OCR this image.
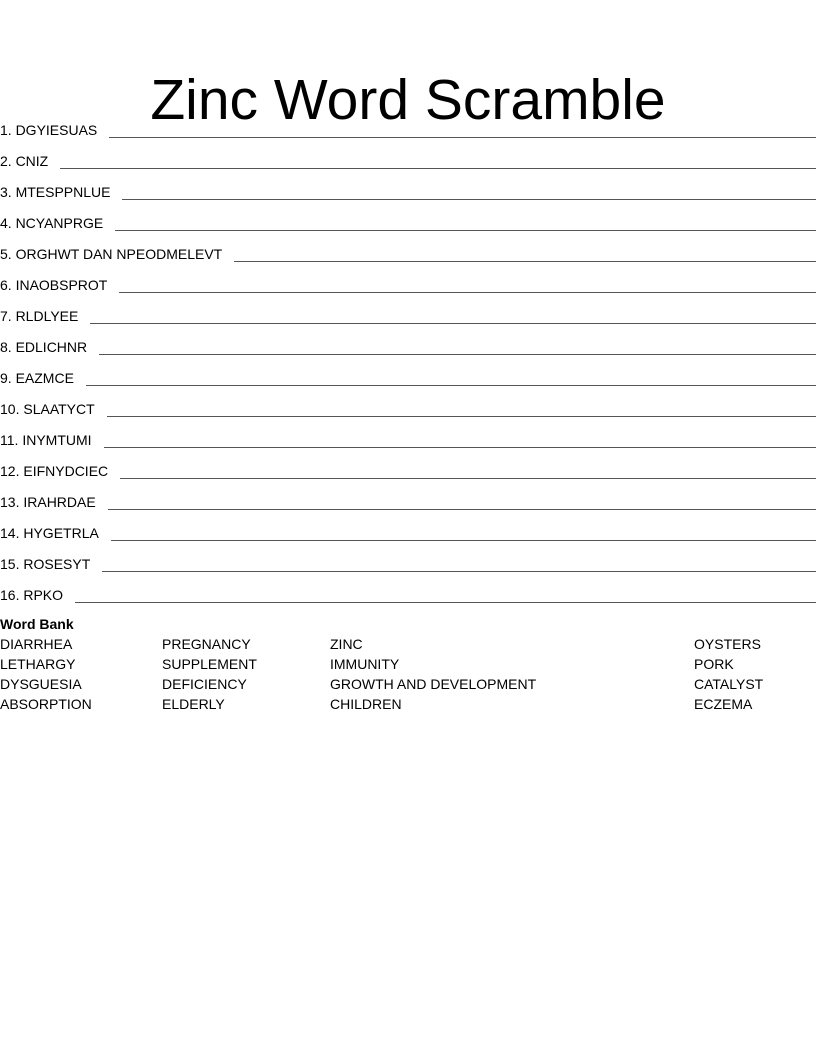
Zinc Word Scramble
1. DGYIESUAS
2. CNIZ
3. MTESPPNLUE
4. NCYANPRGE
5. ORGHWT DAN NPEODMELEVT
6. INAOBSPROT
7. RLDLYEE
8. EDLICHNR
9. EAZMCE
10. SLAATYCT
11. INYMTUMI
12. EIFNYDCIEC
13. IRAHRDAE
14. HYGETRLA
15. ROSESYT
16. RPKO
Word Bank
DIARRHEA
LETHARGY
DYSGUESIA
ABSORPTION
PREGNANCY
SUPPLEMENT
DEFICIENCY
ELDERLY
ZINC
IMMUNITY
GROWTH AND DEVELOPMENT
CHILDREN
OYSTERS
PORK
CATALYST
ECZEMA
